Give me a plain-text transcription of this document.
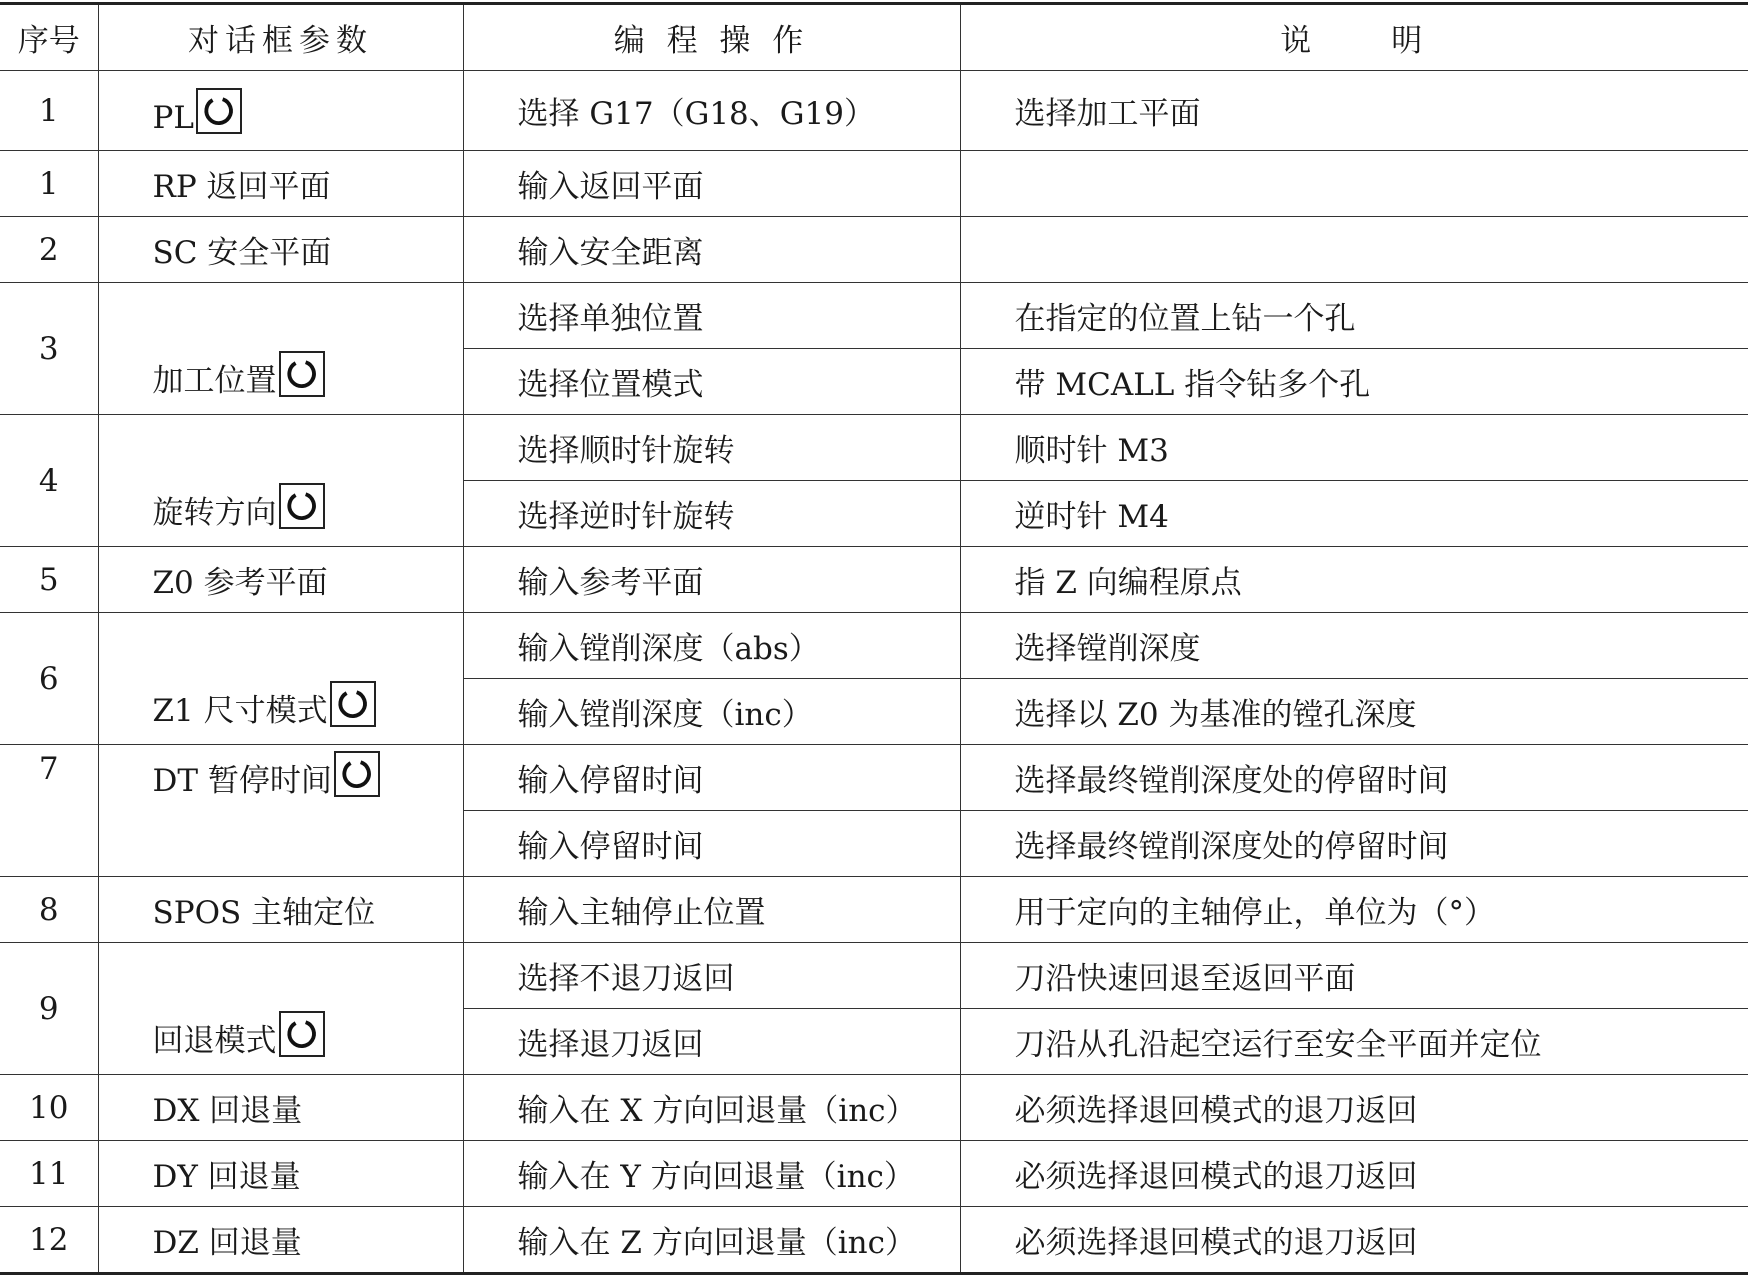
序号	对话框参数	编 程 操 作	说　　明
1	PL	选择 G17（G18、G19）	选择加工平面
1	RP 返回平面	输入返回平面	
2	SC 安全平面	输入安全距离	
3	加工位置	选择单独位置	在指定的位置上钻一个孔
		选择位置模式	带 MCALL 指令钻多个孔
4	旋转方向	选择顺时针旋转	顺时针 M3
		选择逆时针旋转	逆时针 M4
5	Z0 参考平面	输入参考平面	指 Z 向编程原点
6	Z1 尺寸模式	输入镗削深度（abs）	选择镗削深度
		输入镗削深度（inc）	选择以 Z0 为基准的镗孔深度
7	DT 暂停时间	输入停留时间	选择最终镗削深度处的停留时间
		输入停留时间	选择最终镗削深度处的停留时间
8	SPOS 主轴定位	输入主轴停止位置	用于定向的主轴停止，单位为（°）
9	回退模式	选择不退刀返回	刀沿快速回退至返回平面
		选择退刀返回	刀沿从孔沿起空运行至安全平面并定位
10	DX 回退量	输入在 X 方向回退量（inc）	必须选择退回模式的退刀返回
11	DY 回退量	输入在 Y 方向回退量（inc）	必须选择退回模式的退刀返回
12	DZ 回退量	输入在 Z 方向回退量（inc）	必须选择退回模式的退刀返回
